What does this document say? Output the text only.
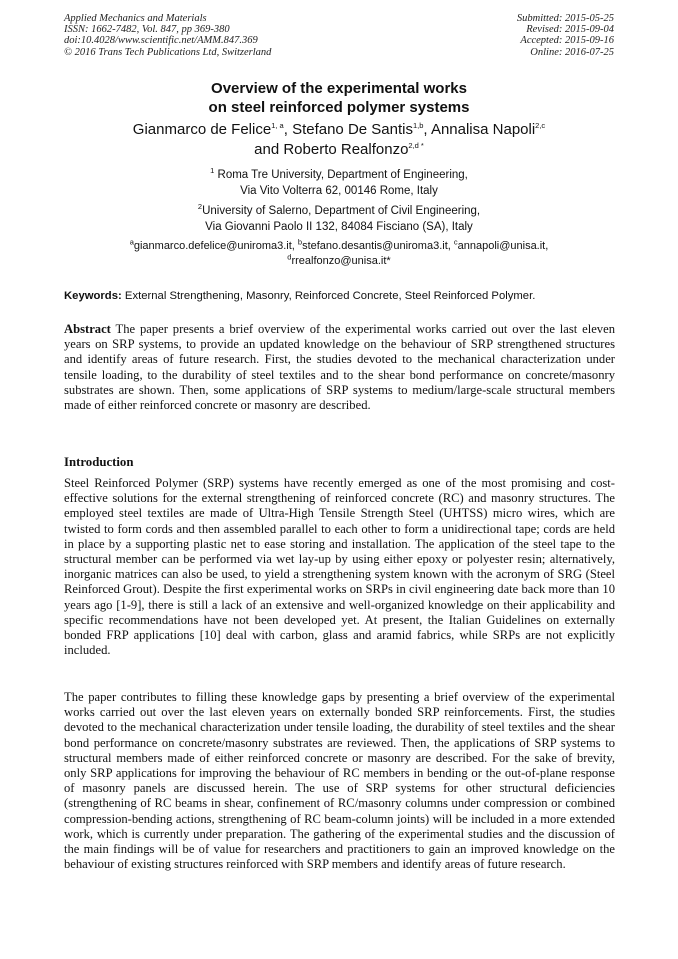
Applied Mechanics and Materials
ISSN: 1662-7482, Vol. 847, pp 369-380
doi:10.4028/www.scientific.net/AMM.847.369
© 2016 Trans Tech Publications Ltd, Switzerland
Submitted: 2015-05-25
Revised: 2015-09-04
Accepted: 2015-09-16
Online: 2016-07-25
Overview of the experimental works
on steel reinforced polymer systems
Gianmarco de Felice$^{1, a}$, Stefano De Santis$^{1,b}$, Annalisa Napoli$^{2,c}$
and Roberto Realfonzo$^{2,d *}$
$^1$ Roma Tre University, Department of Engineering,
Via Vito Volterra 62, 00146 Rome, Italy
$^2$University of Salerno, Department of Civil Engineering,
Via Giovanni Paolo II 132, 84084 Fisciano (SA), Italy
$^a$gianmarco.defelice@uniroma3.it, $^b$stefano.desantis@uniroma3.it, $^c$annapoli@unisa.it,
$^d$rrealfonzo@unisa.it*
Keywords: External Strengthening, Masonry, Reinforced Concrete, Steel Reinforced Polymer.
Abstract The paper presents a brief overview of the experimental works carried out over the last eleven years on SRP systems, to provide an updated knowledge on the behaviour of SRP strengthened structures and identify areas of future research. First, the studies devoted to the mechanical characterization under tensile loading, to the durability of steel textiles and to the shear bond performance on concrete/masonry substrates are shown. Then, some applications of SRP systems to medium/large-scale structural members made of either reinforced concrete or masonry are described.
Introduction
Steel Reinforced Polymer (SRP) systems have recently emerged as one of the most promising and cost-effective solutions for the external strengthening of reinforced concrete (RC) and masonry structures. The employed steel textiles are made of Ultra-High Tensile Strength Steel (UHTSS) micro wires, which are twisted to form cords and then assembled parallel to each other to form a unidirectional tape; cords are held in place by a supporting plastic net to ease storing and installation. The application of the steel tape to the structural member can be performed via wet lay-up by using either epoxy or polyester resin; alternatively, inorganic matrices can also be used, to yield a strengthening system known with the acronym of SRG (Steel Reinforced Grout). Despite the first experimental works on SRPs in civil engineering date back more than 10 years ago [1-9], there is still a lack of an extensive and well-organized knowledge on their applicability and specific recommendations have not been developed yet. At present, the Italian Guidelines on externally bonded FRP applications [10] deal with carbon, glass and aramid fabrics, while SRPs are not explicitly included.
The paper contributes to filling these knowledge gaps by presenting a brief overview of the experimental works carried out over the last eleven years on externally bonded SRP reinforcements. First, the studies devoted to the mechanical characterization under tensile loading, the durability of steel textiles and the shear bond performance on concrete/masonry substrates are reviewed. Then, the applications of SRP systems to structural members made of either reinforced concrete or masonry are described. For the sake of brevity, only SRP applications for improving the behaviour of RC members in bending or the out-of-plane response of masonry panels are discussed herein. The use of SRP systems for other structural deficiencies (strengthening of RC beams in shear, confinement of RC/masonry columns under compression or combined compression-bending actions, strengthening of RC beam-column joints) will be included in a more extended work, which is currently under preparation. The gathering of the experimental studies and the discussion of the main findings will be of value for researchers and practitioners to gain an improved knowledge on the behaviour of existing structures reinforced with SRP members and identify areas of future research.
